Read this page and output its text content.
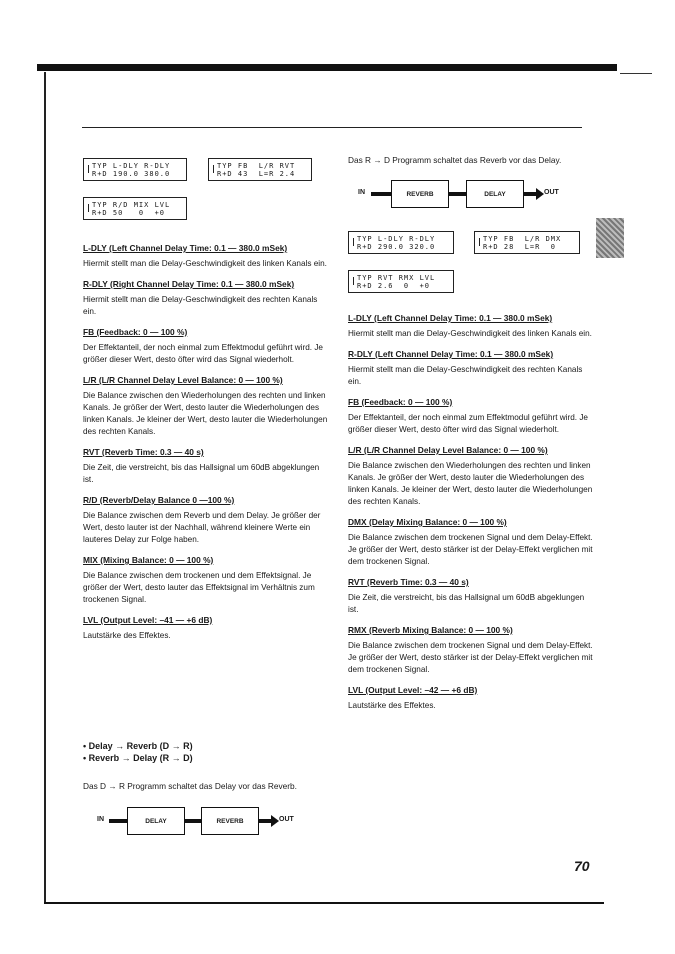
TYP L-DLY R-DLY
R+D 190.0 380.0
TYP FB  L/R RVT
R+D 43  L=R 2.4
TYP R/D MIX LVL
R+D 50   0  +0
Das R → D Programm schaltet das Reverb vor das Delay.
IN	REVERB	DELAY	OUT
TYP L-DLY R-DLY
R+D 290.0 320.0
TYP FB  L/R DMX
R+D 28  L=R  0
TYP RVT RMX LVL
R+D 2.6  0  +0
L-DLY (Left Channel Delay Time: 0.1 — 380.0 mSek)

Hiermit stellt man die Delay-Geschwindigkeit des linken Kanals ein.

R-DLY (Right Channel Delay Time: 0.1 — 380.0 mSek)

Hiermit stellt man die Delay-Geschwindigkeit des rechten Kanals ein.

FB (Feedback: 0 — 100 %)

Der Effektanteil, der noch einmal zum Effektmodul geführt wird. Je größer dieser Wert, desto öfter wird das Signal wiederholt.

L/R (L/R Channel Delay Level Balance: 0 — 100 %)

Die Balance zwischen den Wiederholungen des rechten und linken Kanals. Je größer der Wert, desto lauter die Wiederholungen des linken Kanals. Je kleiner der Wert, desto lauter die Wiederholungen des rechten Kanals.

RVT (Reverb Time: 0.3 — 40 s)

Die Zeit, die verstreicht, bis das Hallsignal um 60dB abgeklungen ist.

R/D (Reverb/Delay Balance 0 —100 %)

Die Balance zwischen dem Reverb und dem Delay. Je größer der Wert, desto lauter ist der Nachhall, während kleinere Werte ein lauteres Delay zur Folge haben.

MIX (Mixing Balance: 0 — 100 %)

Die Balance zwischen dem trockenen und dem Effektsignal. Je größer der Wert, desto lauter das Effektsignal im Verhältnis zum trockenen Signal.

LVL (Output Level: –41 — +6 dB)

Lautstärke des Effektes.

L-DLY (Left Channel Delay Time: 0.1 — 380.0 mSek)

Hiermit stellt man die Delay-Geschwindigkeit des linken Kanals ein.

R-DLY (Left Channel Delay Time: 0.1 — 380.0 mSek)

Hiermit stellt man die Delay-Geschwindigkeit des rechten Kanals ein.

FB (Feedback: 0 — 100 %)

Der Effektanteil, der noch einmal zum Effektmodul geführt wird. Je größer dieser Wert, desto öfter wird das Signal wiederholt.

L/R (L/R Channel Delay Level Balance: 0 — 100 %)

Die Balance zwischen den Wiederholungen des rechten und linken Kanals. Je größer der Wert, desto lauter die Wiederholungen des linken Kanals. Je kleiner der Wert, desto lauter die Wiederholungen des rechten Kanals.

DMX (Delay Mixing Balance: 0 — 100 %)

Die Balance zwischen dem trockenen Signal und dem Delay-Effekt. Je größer der Wert, desto stärker ist der Delay-Effekt verglichen mit dem trockenen Signal.

RVT (Reverb Time: 0.3 — 40 s)

Die Zeit, die verstreicht, bis das Hallsignal um 60dB abgeklungen ist.

RMX (Reverb Mixing Balance: 0 — 100 %)

Die Balance zwischen dem trockenen Signal und dem Delay-Effekt. Je größer der Wert, desto stärker ist der Delay-Effekt verglichen mit dem trockenen Signal.

LVL (Output Level: –42 — +6 dB)

Lautstärke des Effektes.

• Delay → Reverb (D → R)
• Reverb → Delay (R → D)
Das D → R Programm schaltet das Delay vor das Reverb.
IN	DELAY	REVERB	OUT
70
